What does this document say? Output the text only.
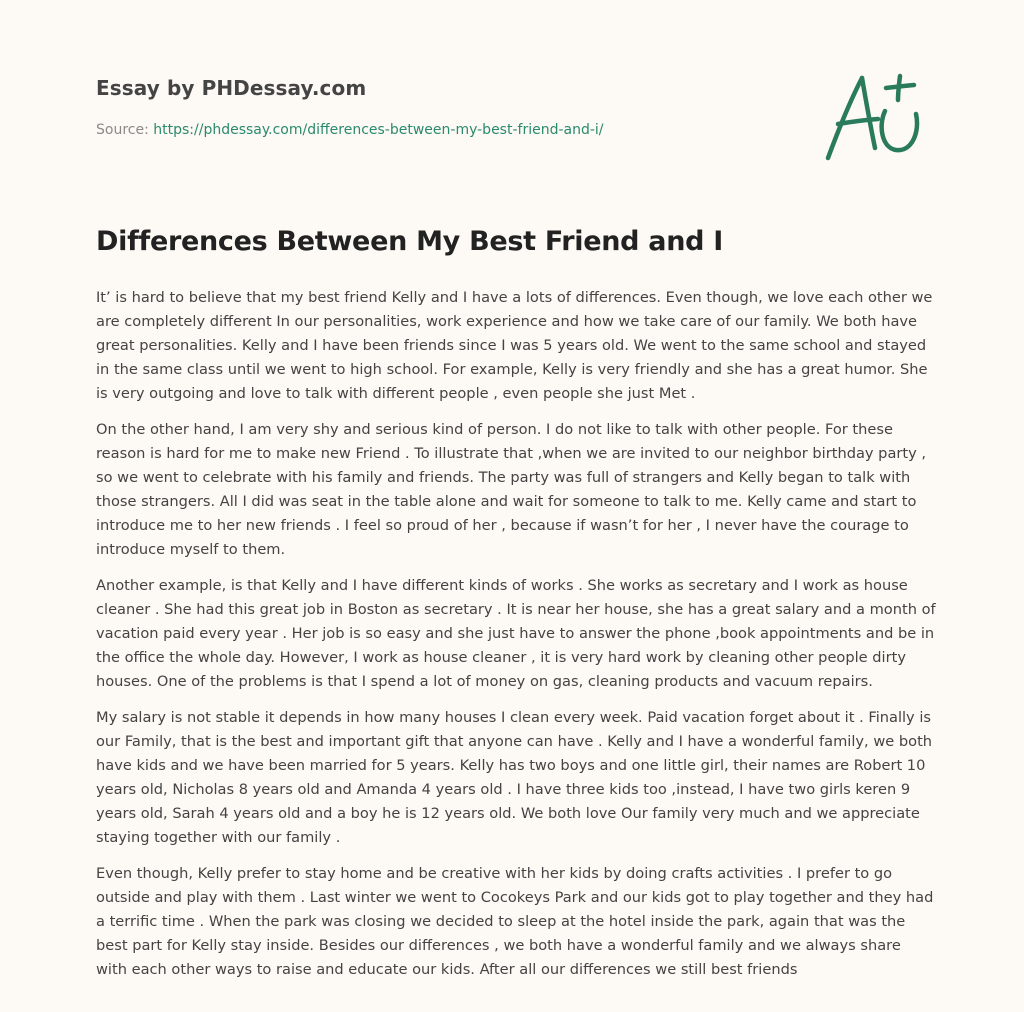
Essay by PHDessay.com

Source: https://phdessay.com/differences-between-my-best-friend-and-i/
Differences Between My Best Friend and I

It’ is hard to believe that my best friend Kelly and I have a lots of differences. Even though, we love each other we are completely different In our personalities, work experience and how we take care of our family. We both have great personalities. Kelly and I have been friends since I was 5 years old. We went to the same school and stayed in the same class until we went to high school. For example, Kelly is very friendly and she has a great humor. She is very outgoing and love to talk with different people , even people she just Met .

On the other hand, I am very shy and serious kind of person. I do not like to talk with other people. For these reason is hard for me to make new Friend . To illustrate that ,when we are invited to our neighbor birthday party , so we went to celebrate with his family and friends. The party was full of strangers and Kelly began to talk with those strangers. All I did was seat in the table alone and wait for someone to talk to me. Kelly came and start to introduce me to her new friends . I feel so proud of her , because if wasn’t for her , I never have the courage to introduce myself to them.

Another example, is that Kelly and I have different kinds of works . She works as secretary and I work as house cleaner . She had this great job in Boston as secretary . It is near her house, she has a great salary and a month of vacation paid every year . Her job is so easy and she just have to answer the phone ,book appointments and be in the office the whole day. However, I work as house cleaner , it is very hard work by cleaning other people dirty houses. One of the problems is that I spend a lot of money on gas, cleaning products and vacuum repairs.

My salary is not stable it depends in how many houses I clean every week. Paid vacation forget about it . Finally is our Family, that is the best and important gift that anyone can have . Kelly and I have a wonderful family, we both have kids and we have been married for 5 years. Kelly has two boys and one little girl, their names are Robert 10 years old, Nicholas 8 years old and Amanda 4 years old . I have three kids too ,instead, I have two girls keren 9 years old, Sarah 4 years old and a boy he is 12 years old. We both love Our family very much and we appreciate staying together with our family .

Even though, Kelly prefer to stay home and be creative with her kids by doing crafts activities . I prefer to go outside and play with them . Last winter we went to Cocokeys Park and our kids got to play together and they had a terrific time . When the park was closing we decided to sleep at the hotel inside the park, again that was the best part for Kelly stay inside. Besides our differences , we both have a wonderful family and we always share with each other ways to raise and educate our kids. After all our differences we still best friends
